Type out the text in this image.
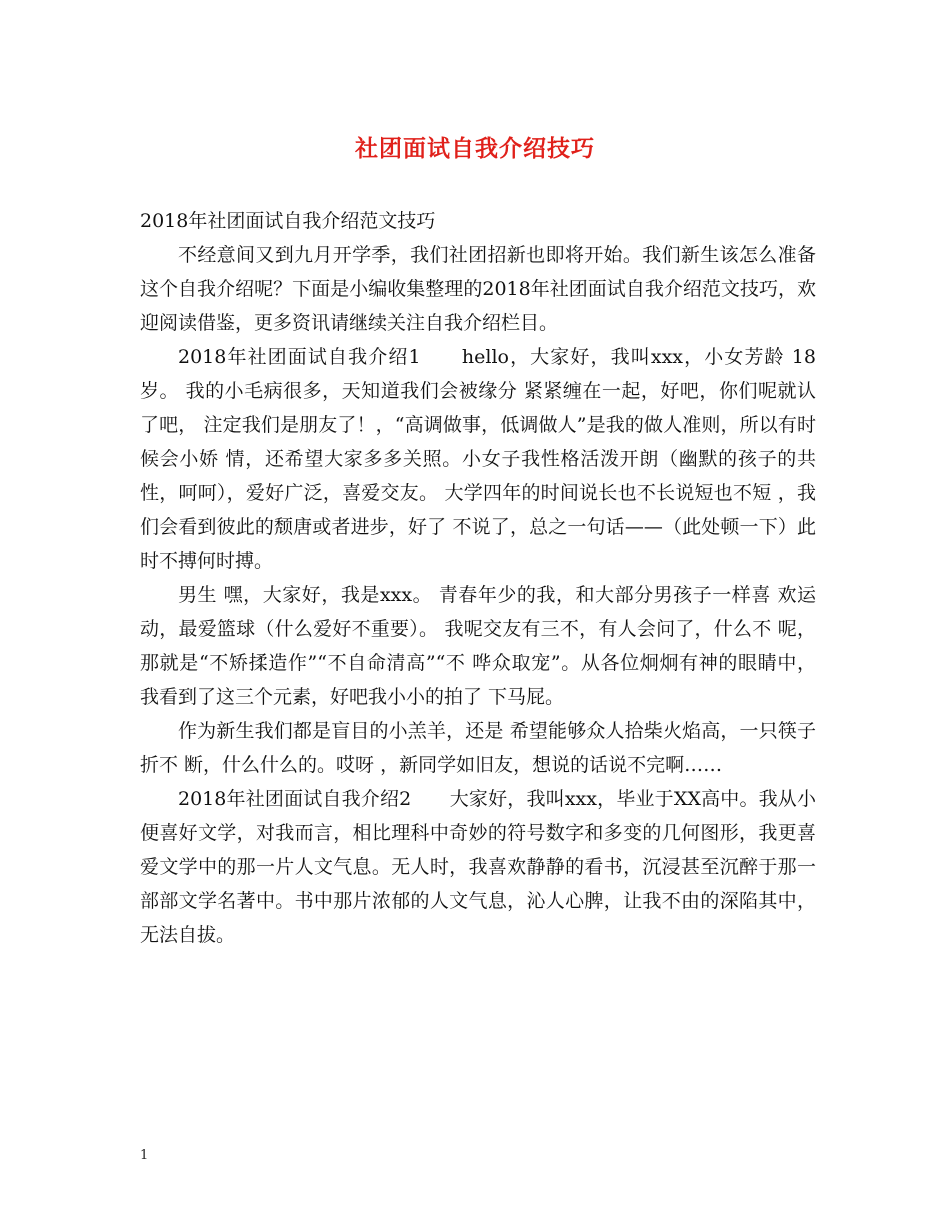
社团面试自我介绍技巧

2018年社团面试自我介绍范文技巧

不经意间又到九月开学季，我们社团招新也即将开始。我们新生该怎么准备这个自我介绍呢？下面是小编收集整理的2018年社团面试自我介绍范文技巧，欢迎阅读借鉴，更多资讯请继续关注自我介绍栏目。

2018年社团面试自我介绍1　　hello，大家好，我叫xxx，小女芳龄 18岁。 我的小毛病很多，天知道我们会被缘分 紧紧缠在一起，好吧，你们呢就认了吧， 注定我们是朋友了！，“高调做事，低调做人”是我的做人准则，所以有时候会小娇 情，还希望大家多多关照。小女子我性格活泼开朗（幽默的孩子的共 性，呵呵），爱好广泛，喜爱交友。 大学四年的时间说长也不长说短也不短 ，我们会看到彼此的颓唐或者进步，好了 不说了，总之一句话——（此处顿一下）此 时不搏何时搏。

男生 嘿，大家好，我是xxx。 青春年少的我，和大部分男孩子一样喜 欢运动，最爱篮球（什么爱好不重要）。 我呢交友有三不，有人会问了，什么不 呢，那就是“不矫揉造作”“不自命清高”“不 哗众取宠”。从各位炯炯有神的眼睛中， 我看到了这三个元素，好吧我小小的拍了 下马屁。

作为新生我们都是盲目的小羔羊，还是 希望能够众人拾柴火焰高，一只筷子折不 断，什么什么的。哎呀 ，新同学如旧友，想说的话说不完啊……

2018年社团面试自我介绍2　　大家好，我叫xxx，毕业于XX高中。我从小便喜好文学，对我而言，相比理科中奇妙的符号数字和多变的几何图形，我更喜爱文学中的那一片人文气息。无人时，我喜欢静静的看书，沉浸甚至沉醉于那一部部文学名著中。书中那片浓郁的人文气息，沁人心脾，让我不由的深陷其中，无法自拔。

1
